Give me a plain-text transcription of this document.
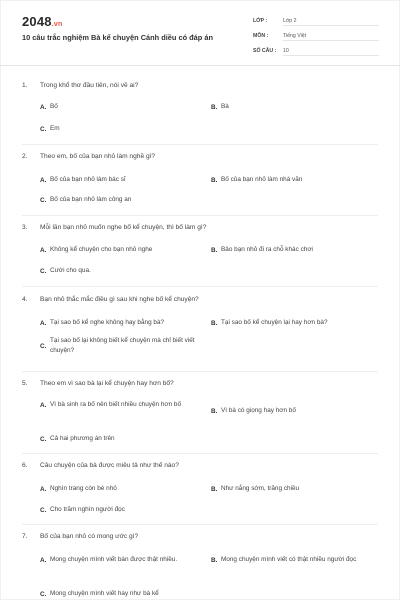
2048.vn
10 câu trắc nghiệm Bà kể chuyện Cánh diều có đáp án
LỚP :	Lớp 2
MÔN :	Tiếng Việt
SỐ CÂU :	10
1.	Trong khổ thơ đầu tiên, nói về ai?
A. Bố	B. Bà
C. Em
2.	Theo em, bố của bạn nhỏ làm nghề gì?
A. Bố của bạn nhỏ làm bác sĩ	B. Bố của bạn nhỏ làm nhà văn
C. Bố của bạn nhỏ làm công an
3.	Mỗi lần bạn nhỏ muốn nghe bố kể chuyện, thì bố làm gì?
A. Không kể chuyện cho bạn nhỏ nghe	B. Bảo bạn nhỏ đi ra chỗ khác chơi
C. Cười cho qua.
4.	Bạn nhỏ thắc mắc điều gì sau khi nghe bố kể chuyện?
A. Tại sao bố kể nghe không hay bằng bà?	B. Tại sao bố kể chuyện lại hay hơn bà?
C.
Tại sao bố lại không biết kể chuyện mà chỉ biết viết chuyện?
5.	Theo em vì sao bà lại kể chuyện hay hơn bố?
A. Vì bà sinh ra bố nên biết nhiều chuyện hơn bố
B. Vì bà có giọng hay hơn bố
C. Cả hai phương án trên
6.	Câu chuyện của bà được miêu tả như thế nào?
A. Nghìn trang còn bé nhỏ	B. Như nắng sớm, trăng chiều
C. Cho trăm nghìn người đọc
7.	Bố của bạn nhỏ có mong ước gì?
A. Mong chuyện mình viết bán được thật nhiều.	B. Mong chuyện mình viết có thật nhiều người đọc
C. Mong chuyện mình viết hay như bà kể
